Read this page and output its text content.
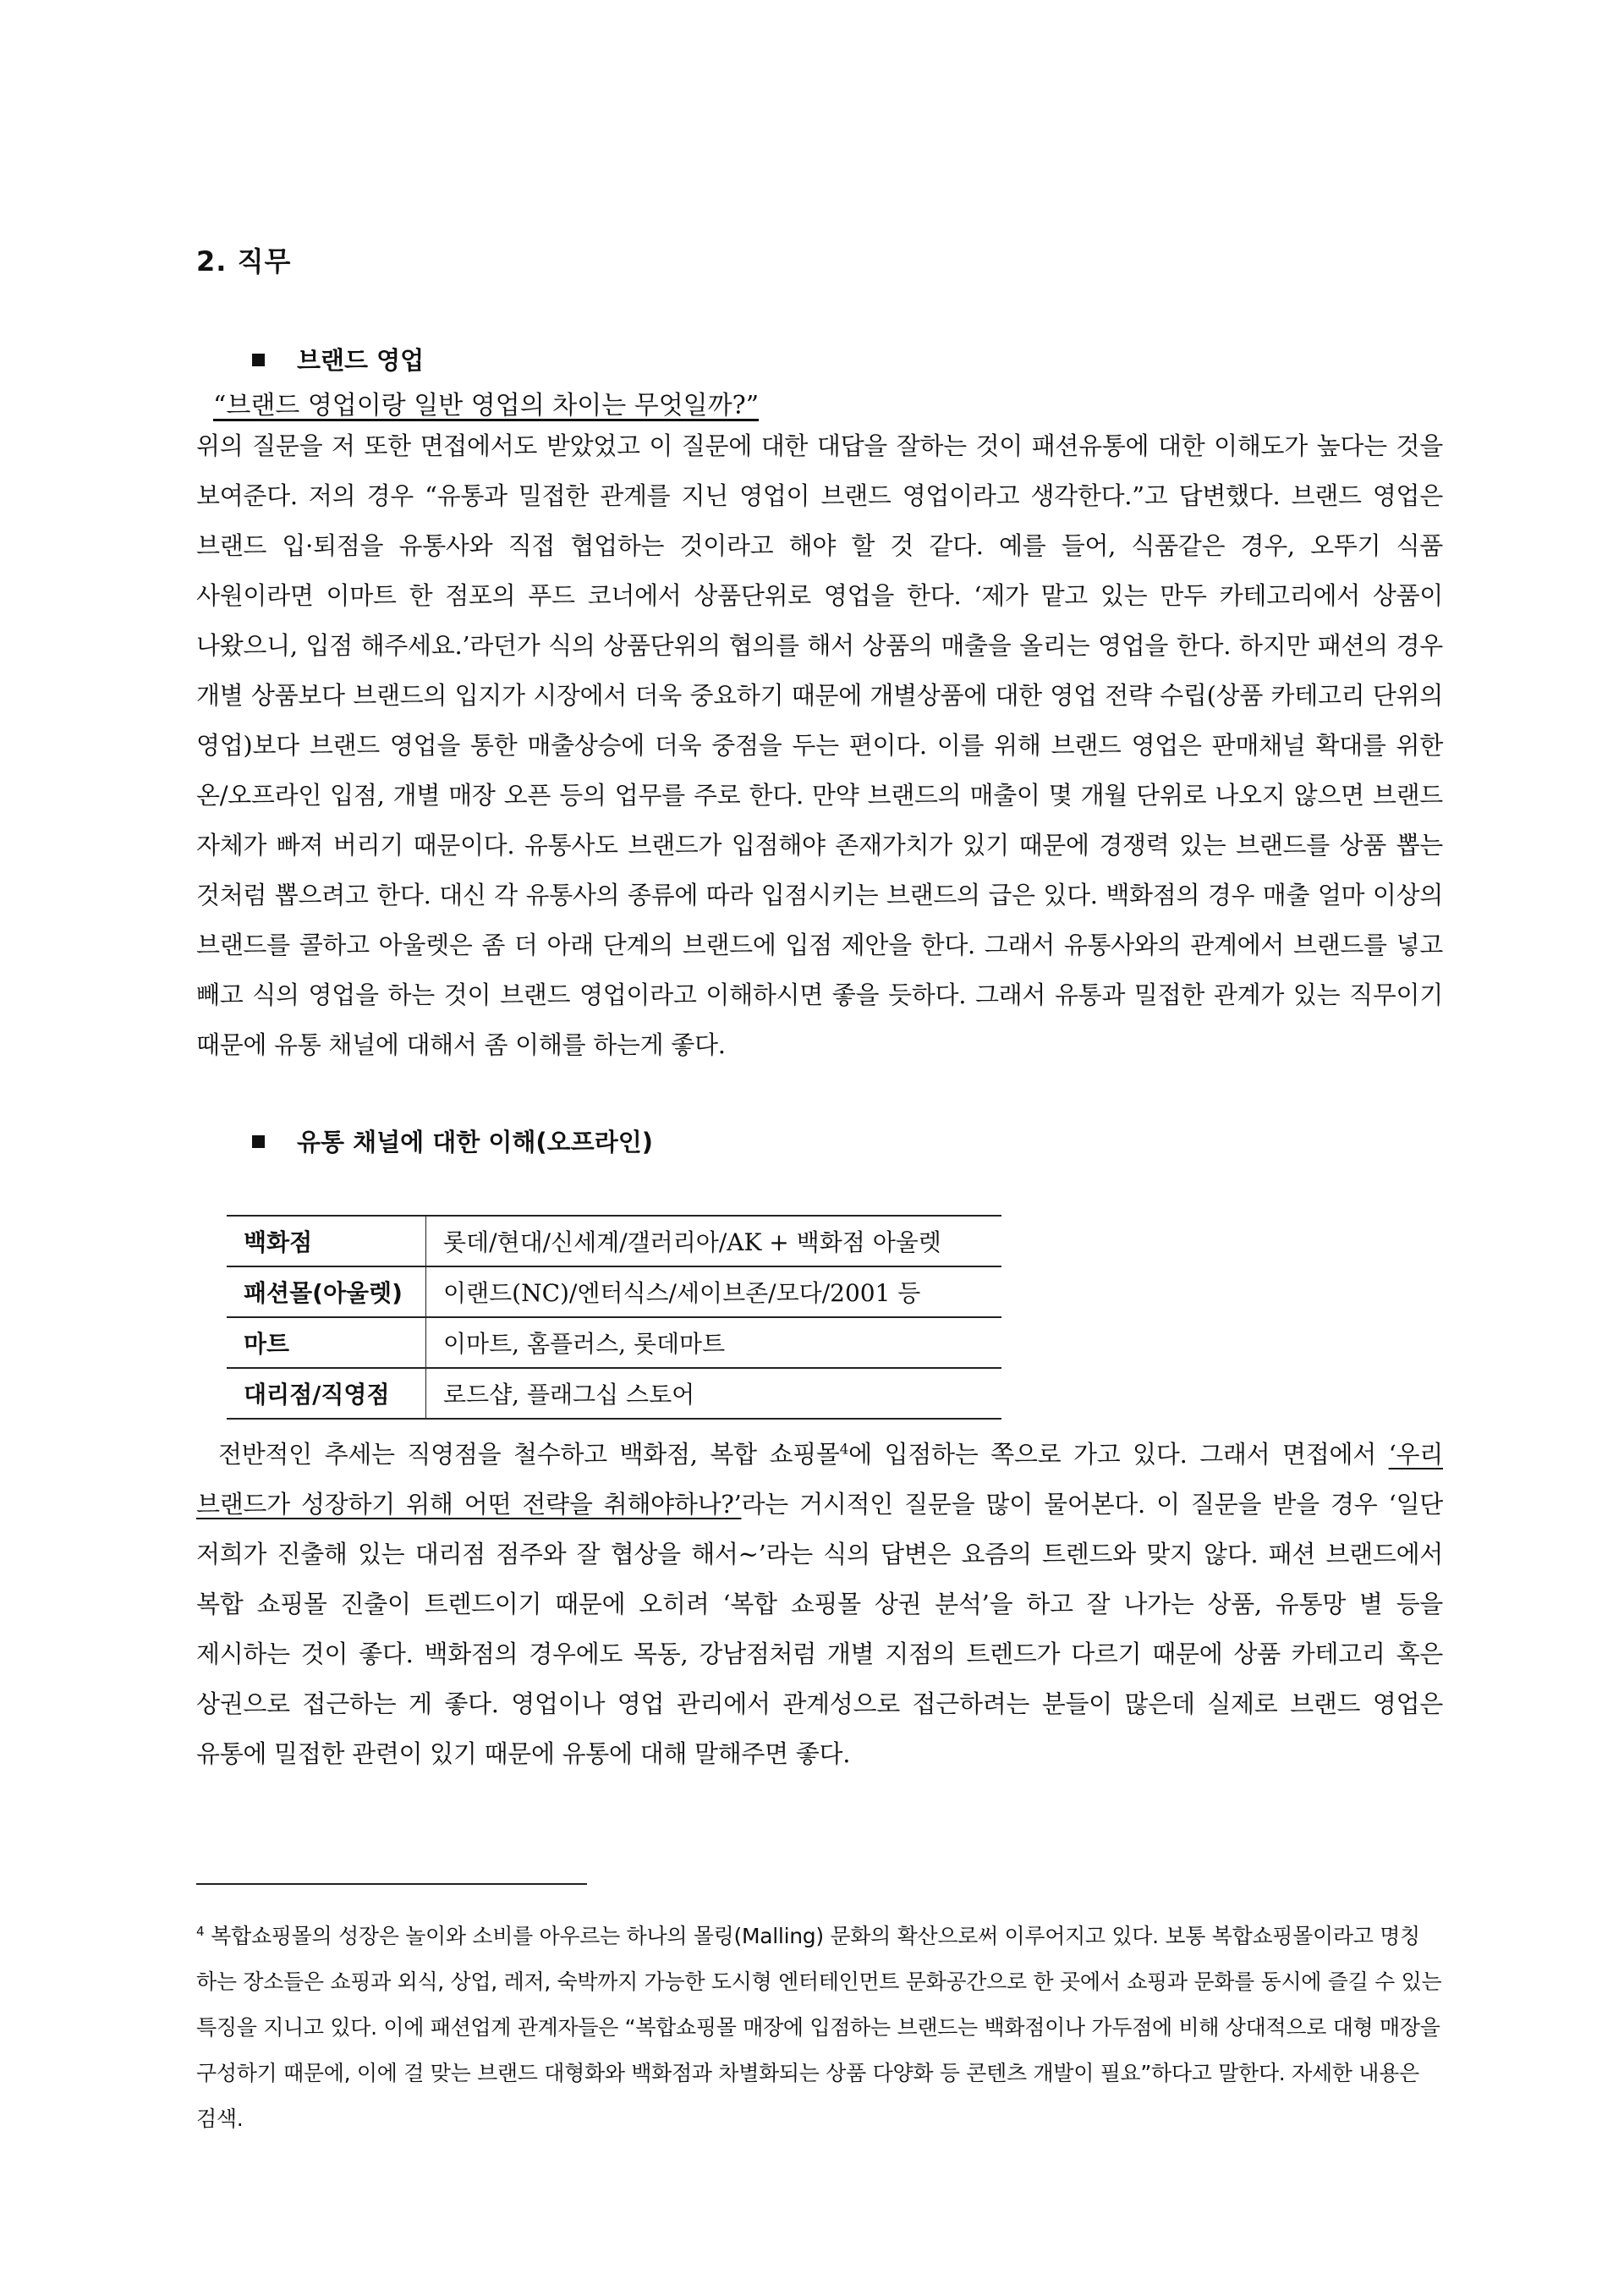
2. 직무
브랜드 영업
“브랜드 영업이랑 일반 영업의 차이는 무엇일까?”
위의 질문을 저 또한 면접에서도 받았었고 이 질문에 대한 대답을 잘하는 것이 패션유통에 대한 이해도가 높다는 것을 보여준다. 저의 경우 “유통과 밀접한 관계를 지닌 영업이 브랜드 영업이라고 생각한다.”고 답변했다. 브랜드 영업은 브랜드 입·퇴점을 유통사와 직접 협업하는 것이라고 해야 할 것 같다. 예를 들어, 식품같은 경우, 오뚜기 식품 사원이라면 이마트 한 점포의 푸드 코너에서 상품단위로 영업을 한다. ‘제가 맡고 있는 만두 카테고리에서 상품이 나왔으니, 입점 해주세요.’라던가 식의 상품단위의 협의를 해서 상품의 매출을 올리는 영업을 한다. 하지만 패션의 경우 개별 상품보다 브랜드의 입지가 시장에서 더욱 중요하기 때문에 개별상품에 대한 영업 전략 수립(상품 카테고리 단위의 영업)보다 브랜드 영업을 통한 매출상승에 더욱 중점을 두는 편이다. 이를 위해 브랜드 영업은 판매채널 확대를 위한 온/오프라인 입점, 개별 매장 오픈 등의 업무를 주로 한다. 만약 브랜드의 매출이 몇 개월 단위로 나오지 않으면 브랜드 자체가 빠져 버리기 때문이다. 유통사도 브랜드가 입점해야 존재가치가 있기 때문에 경쟁력 있는 브랜드를 상품 뽑는 것처럼 뽑으려고 한다. 대신 각 유통사의 종류에 따라 입점시키는 브랜드의 급은 있다. 백화점의 경우 매출 얼마 이상의 브랜드를 콜하고 아울렛은 좀 더 아래 단계의 브랜드에 입점 제안을 한다. 그래서 유통사와의 관계에서 브랜드를 넣고 빼고 식의 영업을 하는 것이 브랜드 영업이라고 이해하시면 좋을 듯하다. 그래서 유통과 밀접한 관계가 있는 직무이기 때문에 유통 채널에 대해서 좀 이해를 하는게 좋다.
유통 채널에 대한 이해(오프라인)
백화점	롯데/현대/신세계/갤러리아/AK + 백화점 아울렛
패션몰(아울렛)	이랜드(NC)/엔터식스/세이브존/모다/2001 등
마트	이마트, 홈플러스, 롯데마트
대리점/직영점	로드샵, 플래그십 스토어
전반적인 추세는 직영점을 철수하고 백화점, 복합 쇼핑몰$^4$에 입점하는 쪽으로 가고 있다. 그래서 면접에서 ‘우리 브랜드가 성장하기 위해 어떤 전략을 취해야하나?’라는 거시적인 질문을 많이 물어본다. 이 질문을 받을 경우 ‘일단 저희가 진출해 있는 대리점 점주와 잘 협상을 해서~’라는 식의 답변은 요즘의 트렌드와 맞지 않다. 패션 브랜드에서 복합 쇼핑몰 진출이 트렌드이기 때문에 오히려 ‘복합 쇼핑몰 상권 분석’을 하고 잘 나가는 상품, 유통망 별 등을 제시하는 것이 좋다. 백화점의 경우에도 목동, 강남점처럼 개별 지점의 트렌드가 다르기 때문에 상품 카테고리 혹은 상권으로 접근하는 게 좋다. 영업이나 영업 관리에서 관계성으로 접근하려는 분들이 많은데 실제로 브랜드 영업은 유통에 밀접한 관련이 있기 때문에 유통에 대해 말해주면 좋다.
$^4$ 복합쇼핑몰의 성장은 놀이와 소비를 아우르는 하나의 몰링(Malling) 문화의 확산으로써 이루어지고 있다. 보통 복합쇼핑몰이라고 명칭 하는 장소들은 쇼핑과 외식, 상업, 레저, 숙박까지 가능한 도시형 엔터테인먼트 문화공간으로 한 곳에서 쇼핑과 문화를 동시에 즐길 수 있는 특징을 지니고 있다. 이에 패션업계 관계자들은 “복합쇼핑몰 매장에 입점하는 브랜드는 백화점이나 가두점에 비해 상대적으로 대형 매장을 구성하기 때문에, 이에 걸 맞는 브랜드 대형화와 백화점과 차별화되는 상품 다양화 등 콘텐츠 개발이 필요”하다고 말한다. 자세한 내용은 검색.
